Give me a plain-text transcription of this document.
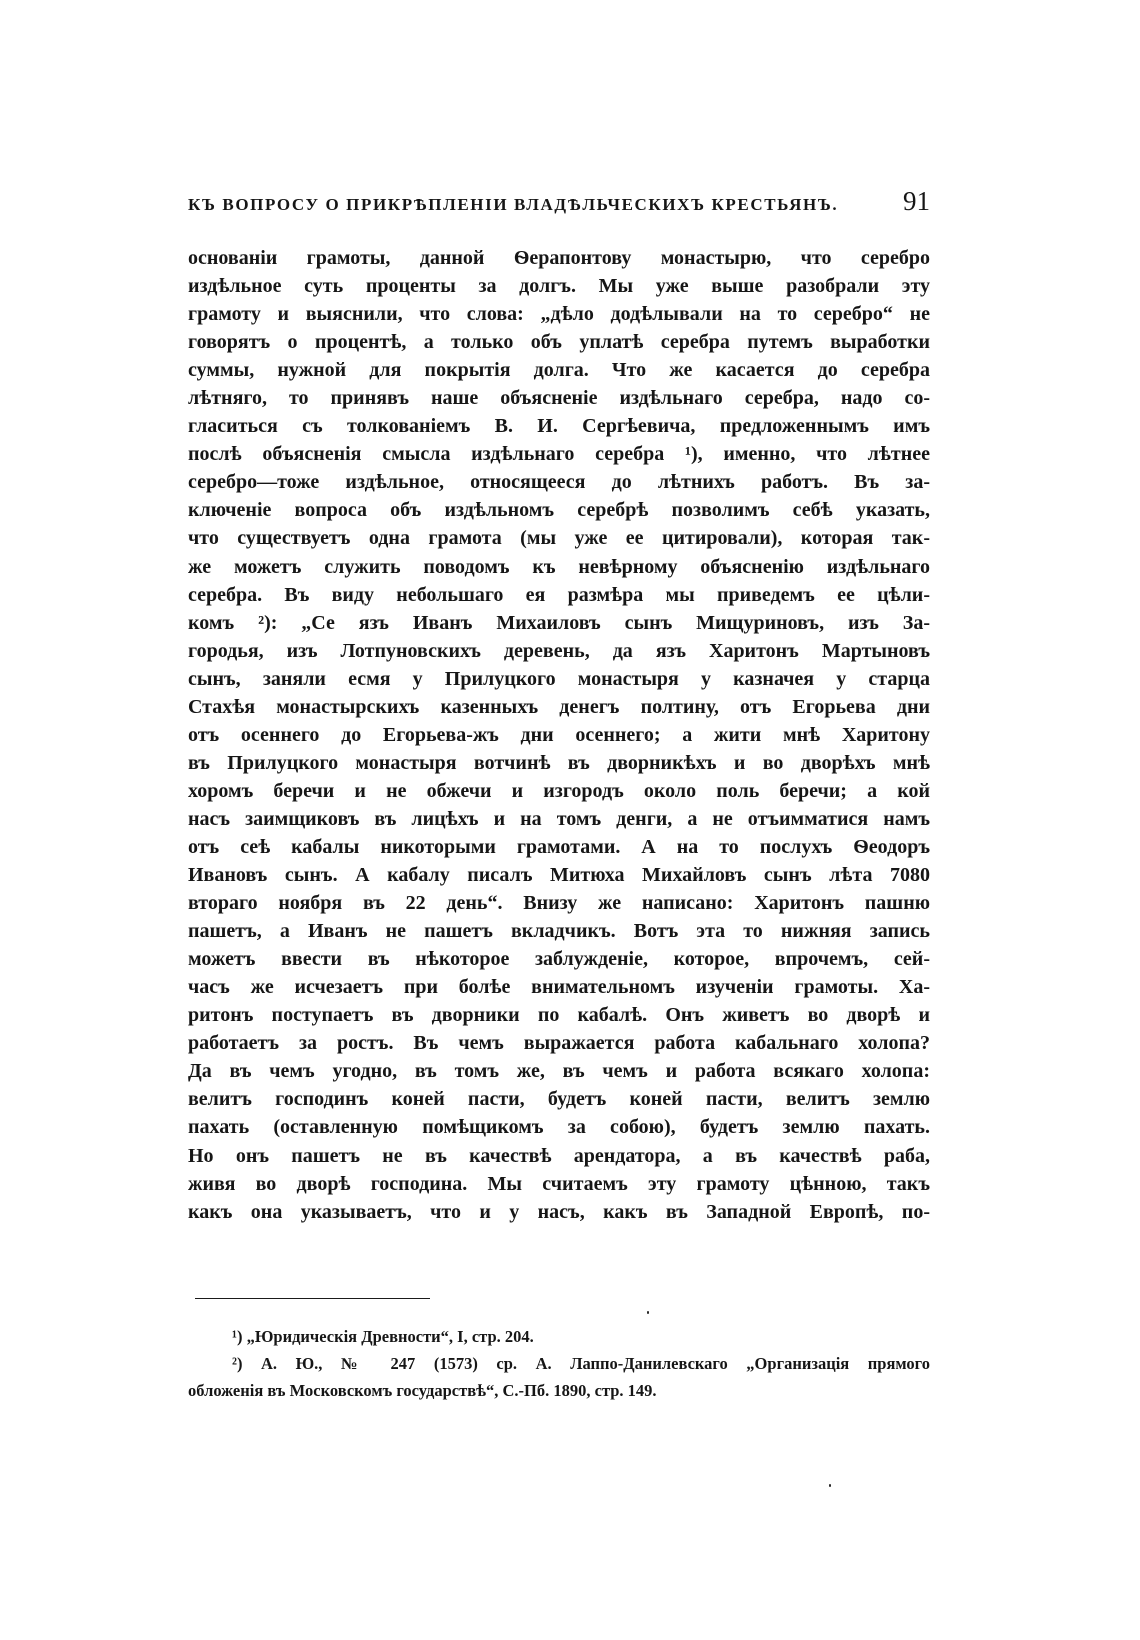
КЪ ВОПРОСУ О ПРИКРѢПЛЕНІИ ВЛАДѢЛЬЧЕСКИХЪ КРЕСТЬЯНЪ. 91
основаніи грамоты, данной Ѳерапонтову монастырю, что серебро
издѣльное суть проценты за долгъ. Мы уже выше разобрали эту
грамоту и выяснили, что слова: „дѣло додѣлывали на то серебро“ не
говорятъ о процентѣ, а только объ уплатѣ серебра путемъ выработки
суммы, нужной для покрытія долга. Что же касается до серебра
лѣтняго, то принявъ наше объясненіе издѣльнаго серебра, надо со-
гласиться съ толкованіемъ В. И. Сергѣевича, предложеннымъ имъ
послѣ объясненія смысла издѣльнаго серебра ¹), именно, что лѣтнее
серебро—тоже издѣльное, относящееся до лѣтнихъ работъ. Въ за-
ключеніе вопроса объ издѣльномъ серебрѣ позволимъ себѣ указать,
что существуетъ одна грамота (мы уже ее цитировали), которая так-
же можетъ служить поводомъ къ невѣрному объясненію издѣльнаго
серебра. Въ виду небольшаго ея размѣра мы приведемъ ее цѣли-
комъ ²): „Се язъ Иванъ Михаиловъ сынъ Мищуриновъ, изъ За-
городья, изъ Лотпуновскихъ деревень, да язъ Харитонъ Мартыновъ
сынъ, заняли есмя у Прилуцкого монастыря у казначея у старца
Стахѣя монастырскихъ казенныхъ денегъ полтину, отъ Егорьева дни
отъ осеннего до Егорьева-жъ дни осеннего; а жити мнѣ Харитону
въ Прилуцкого монастыря вотчинѣ въ дворникѣхъ и во дворѣхъ мнѣ
хоромъ беречи и не обжечи и изгородъ около поль беречи; а кой
насъ заимщиковъ въ лицѣхъ и на томъ денги, а не отъимматися намъ
отъ сеѣ кабалы никоторыми грамотами. А на то послухъ Ѳеодоръ
Ивановъ сынъ. А кабалу писалъ Митюха Михайловъ сынъ лѣта 7080
втораго ноября въ 22 день“. Внизу же написано: Харитонъ пашню
пашетъ, а Иванъ не пашетъ вкладчикъ. Вотъ эта то нижняя запись
можетъ ввести въ нѣкоторое заблужденіе, которое, впрочемъ, сей-
часъ же исчезаетъ при болѣе внимательномъ изученіи грамоты. Ха-
ритонъ поступаетъ въ дворники по кабалѣ. Онъ живетъ во дворѣ и
работаетъ за ростъ. Въ чемъ выражается работа кабальнаго холопа?
Да въ чемъ угодно, въ томъ же, въ чемъ и работа всякаго холопа:
велитъ господинъ коней пасти, будетъ коней пасти, велитъ землю
пахать (оставленную помѣщикомъ за собою), будетъ землю пахать.
Но онъ пашетъ не въ качествѣ арендатора, а въ качествѣ раба,
живя во дворѣ господина. Мы считаемъ эту грамоту цѣнною, такъ
какъ она указываетъ, что и у насъ, какъ въ Западной Европѣ, по-
¹) „Юридическія Древности“, I, стр. 204.
²) А. Ю., № 247 (1573) ср. А. Лаппо-Данилевскаго „Организація прямого
обложенія въ Московскомъ государствѣ“, С.-Пб. 1890, стр. 149.
